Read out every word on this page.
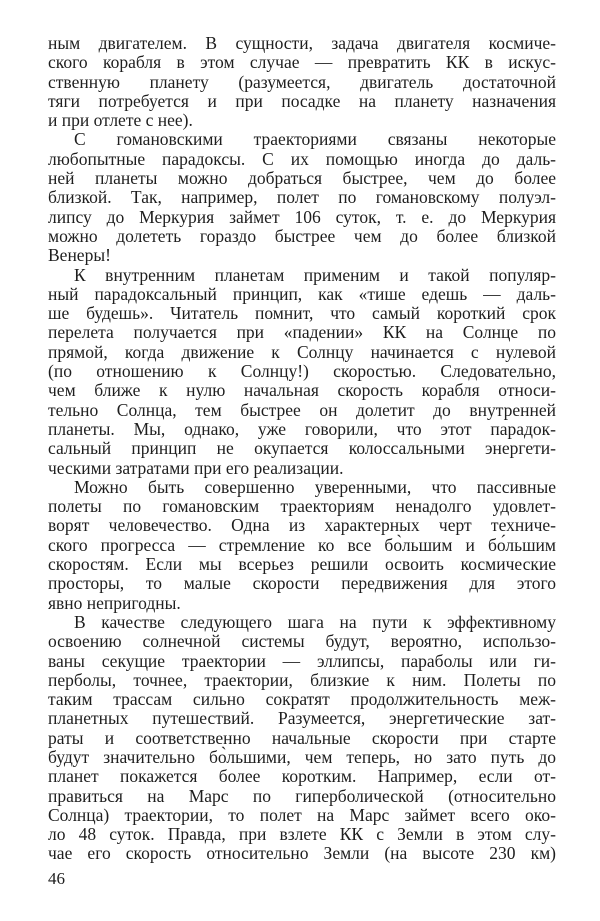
ным двигателем. В сущности, задача двигателя космиче-
ского корабля в этом случае — превратить КК в искус-
ственную планету (разумеется, двигатель достаточной
тяги потребуется и при посадке на планету назначения
и при отлете с нее).
С гомановскими траекториями связаны некоторые
любопытные парадоксы. С их помощью иногда до даль-
ней планеты можно добраться быстрее, чем до более
близкой. Так, например, полет по гомановскому полуэл-
липсу до Меркурия займет 106 суток, т. е. до Меркурия
можно долететь гораздо быстрее чем до более близкой
Венеры!
К внутренним планетам применим и такой популяр-
ный парадоксальный принцип, как «тише едешь — даль-
ше будешь». Читатель помнит, что самый короткий срок
перелета получается при «падении» КК на Солнце по
прямой, когда движение к Солнцу начинается с нулевой
(по отношению к Солнцу!) скоростью. Следовательно,
чем ближе к нулю начальная скорость корабля относи-
тельно Солнца, тем быстрее он долетит до внутренней
планеты. Мы, однако, уже говорили, что этот парадок-
сальный принцип не окупается колоссальными энергети-
ческими затратами при его реализации.
Можно быть совершенно уверенными, что пассивные
полеты по гомановским траекториям ненадолго удовлет-
ворят человечество. Одна из характерных черт техниче-
ского прогресса — стремление ко все бо̀льшим и бо́льшим
скоростям. Если мы всерьез решили освоить космические
просторы, то малые скорости передвижения для этого
явно непригодны.
В качестве следующего шага на пути к эффективному
освоению солнечной системы будут, вероятно, использо-
ваны секущие траектории — эллипсы, параболы или ги-
перболы, точнее, траектории, близкие к ним. Полеты по
таким трассам сильно сократят продолжительность меж-
планетных путешествий. Разумеется, энергетические зат-
раты и соответственно начальные скорости при старте
будут значительно бо̀льшими, чем теперь, но зато путь до
планет покажется более коротким. Например, если от-
правиться на Марс по гиперболической (относительно
Солнца) траектории, то полет на Марс займет всего око-
ло 48 суток. Правда, при взлете КК с Земли в этом слу-
чае его скорость относительно Земли (на высоте 230 км)
46
